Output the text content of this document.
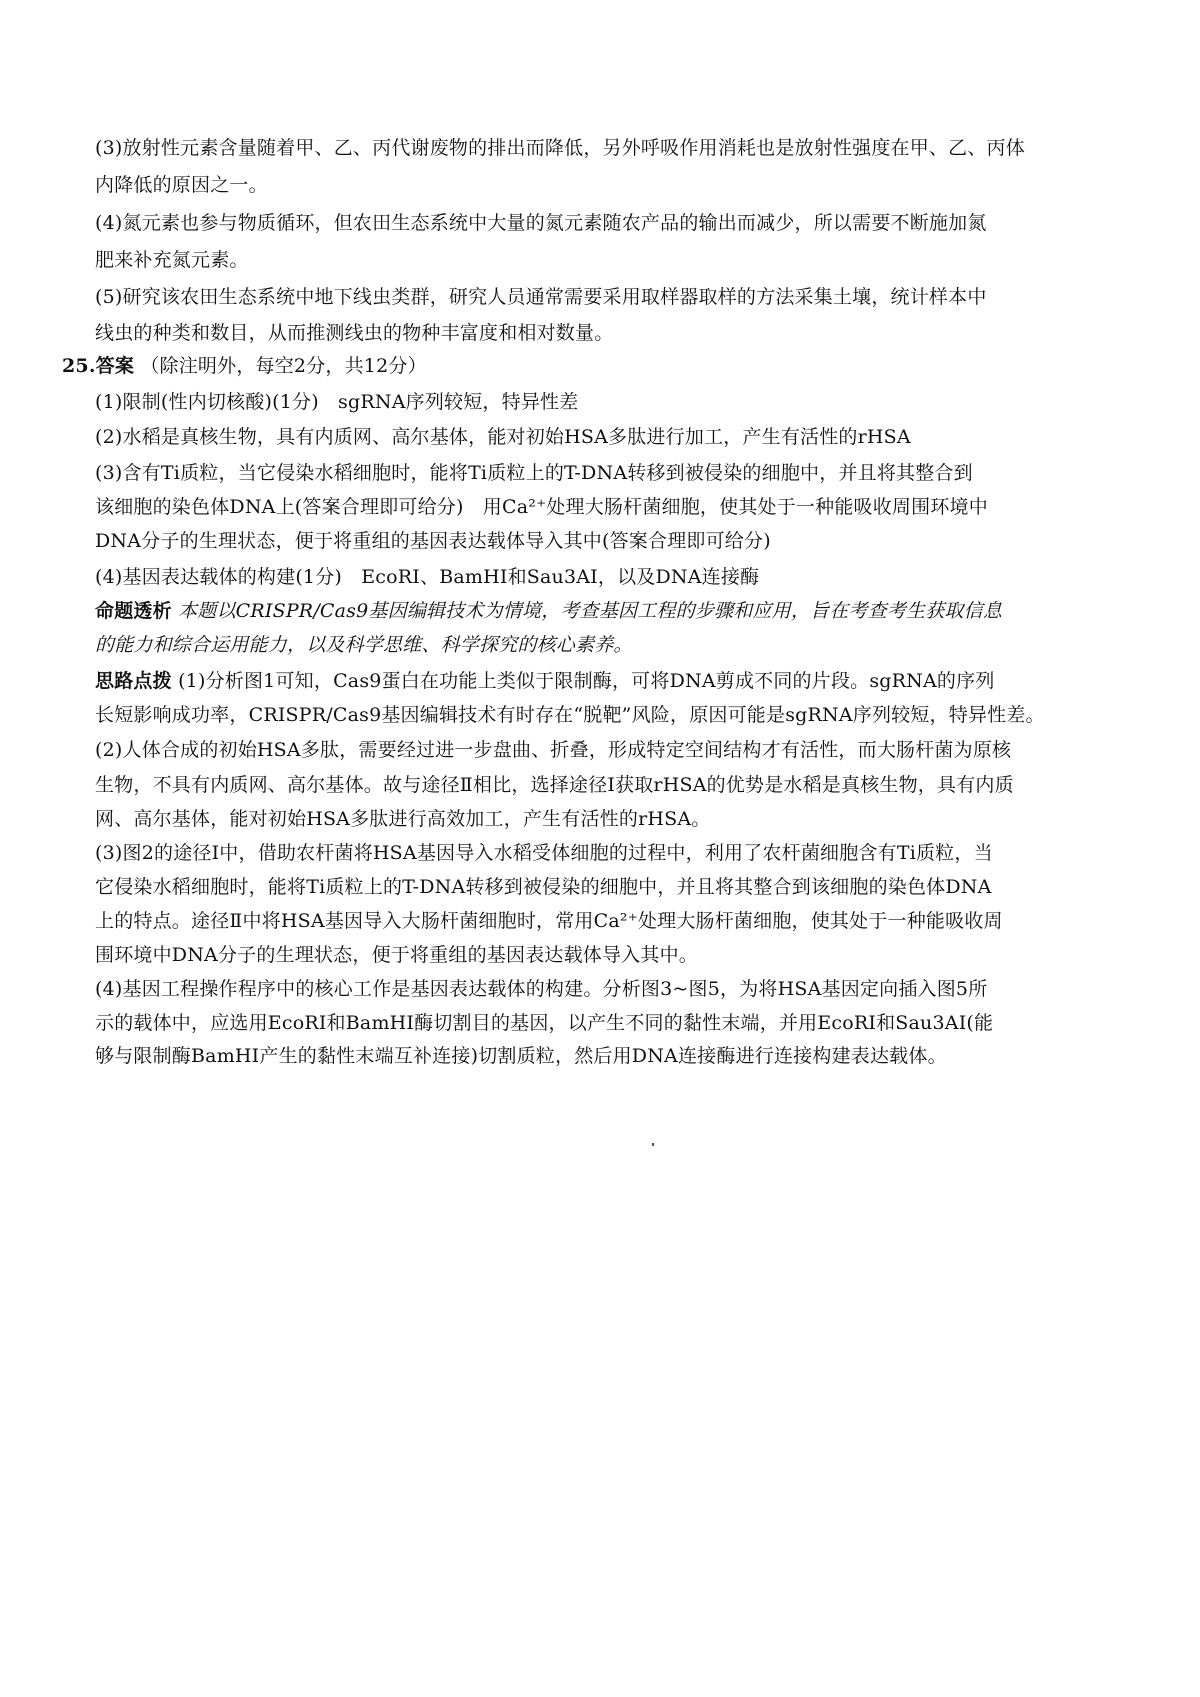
(3)放射性元素含量随着甲、乙、丙代谢废物的排出而降低，另外呼吸作用消耗也是放射性强度在甲、乙、丙体
内降低的原因之一。
(4)氮元素也参与物质循环，但农田生态系统中大量的氮元素随农产品的输出而减少，所以需要不断施加氮
肥来补充氮元素。
(5)研究该农田生态系统中地下线虫类群，研究人员通常需要采用取样器取样的方法采集土壤，统计样本中
线虫的种类和数目，从而推测线虫的物种丰富度和相对数量。
25.答案 （除注明外，每空2分，共12分）
(1)限制(性内切核酸)(1分)　sgRNA序列较短，特异性差
(2)水稻是真核生物，具有内质网、高尔基体，能对初始HSA多肽进行加工，产生有活性的rHSA
(3)含有Ti质粒，当它侵染水稻细胞时，能将Ti质粒上的T-DNA转移到被侵染的细胞中，并且将其整合到
该细胞的染色体DNA上(答案合理即可给分)　用Ca²⁺处理大肠杆菌细胞，使其处于一种能吸收周围环境中
DNA分子的生理状态，便于将重组的基因表达载体导入其中(答案合理即可给分)
(4)基因表达载体的构建(1分)　EcoRⅠ、BamHⅠ和Sau3AⅠ，以及DNA连接酶
命题透析 本题以CRISPR/Cas9基因编辑技术为情境，考查基因工程的步骤和应用，旨在考查考生获取信息
的能力和综合运用能力，以及科学思维、科学探究的核心素养。
思路点拨 (1)分析图1可知，Cas9蛋白在功能上类似于限制酶，可将DNA剪成不同的片段。sgRNA的序列
长短影响成功率，CRISPR/Cas9基因编辑技术有时存在“脱靶”风险，原因可能是sgRNA序列较短，特异性差。
(2)人体合成的初始HSA多肽，需要经过进一步盘曲、折叠，形成特定空间结构才有活性，而大肠杆菌为原核
生物，不具有内质网、高尔基体。故与途径Ⅱ相比，选择途径Ⅰ获取rHSA的优势是水稻是真核生物，具有内质
网、高尔基体，能对初始HSA多肽进行高效加工，产生有活性的rHSA。
(3)图2的途径Ⅰ中，借助农杆菌将HSA基因导入水稻受体细胞的过程中，利用了农杆菌细胞含有Ti质粒，当
它侵染水稻细胞时，能将Ti质粒上的T-DNA转移到被侵染的细胞中，并且将其整合到该细胞的染色体DNA
上的特点。途径Ⅱ中将HSA基因导入大肠杆菌细胞时，常用Ca²⁺处理大肠杆菌细胞，使其处于一种能吸收周
围环境中DNA分子的生理状态，便于将重组的基因表达载体导入其中。
(4)基因工程操作程序中的核心工作是基因表达载体的构建。分析图3~图5，为将HSA基因定向插入图5所
示的载体中，应选用EcoRⅠ和BamHⅠ酶切割目的基因，以产生不同的黏性末端，并用EcoRⅠ和Sau3AⅠ(能
够与限制酶BamHⅠ产生的黏性末端互补连接)切割质粒，然后用DNA连接酶进行连接构建表达载体。
